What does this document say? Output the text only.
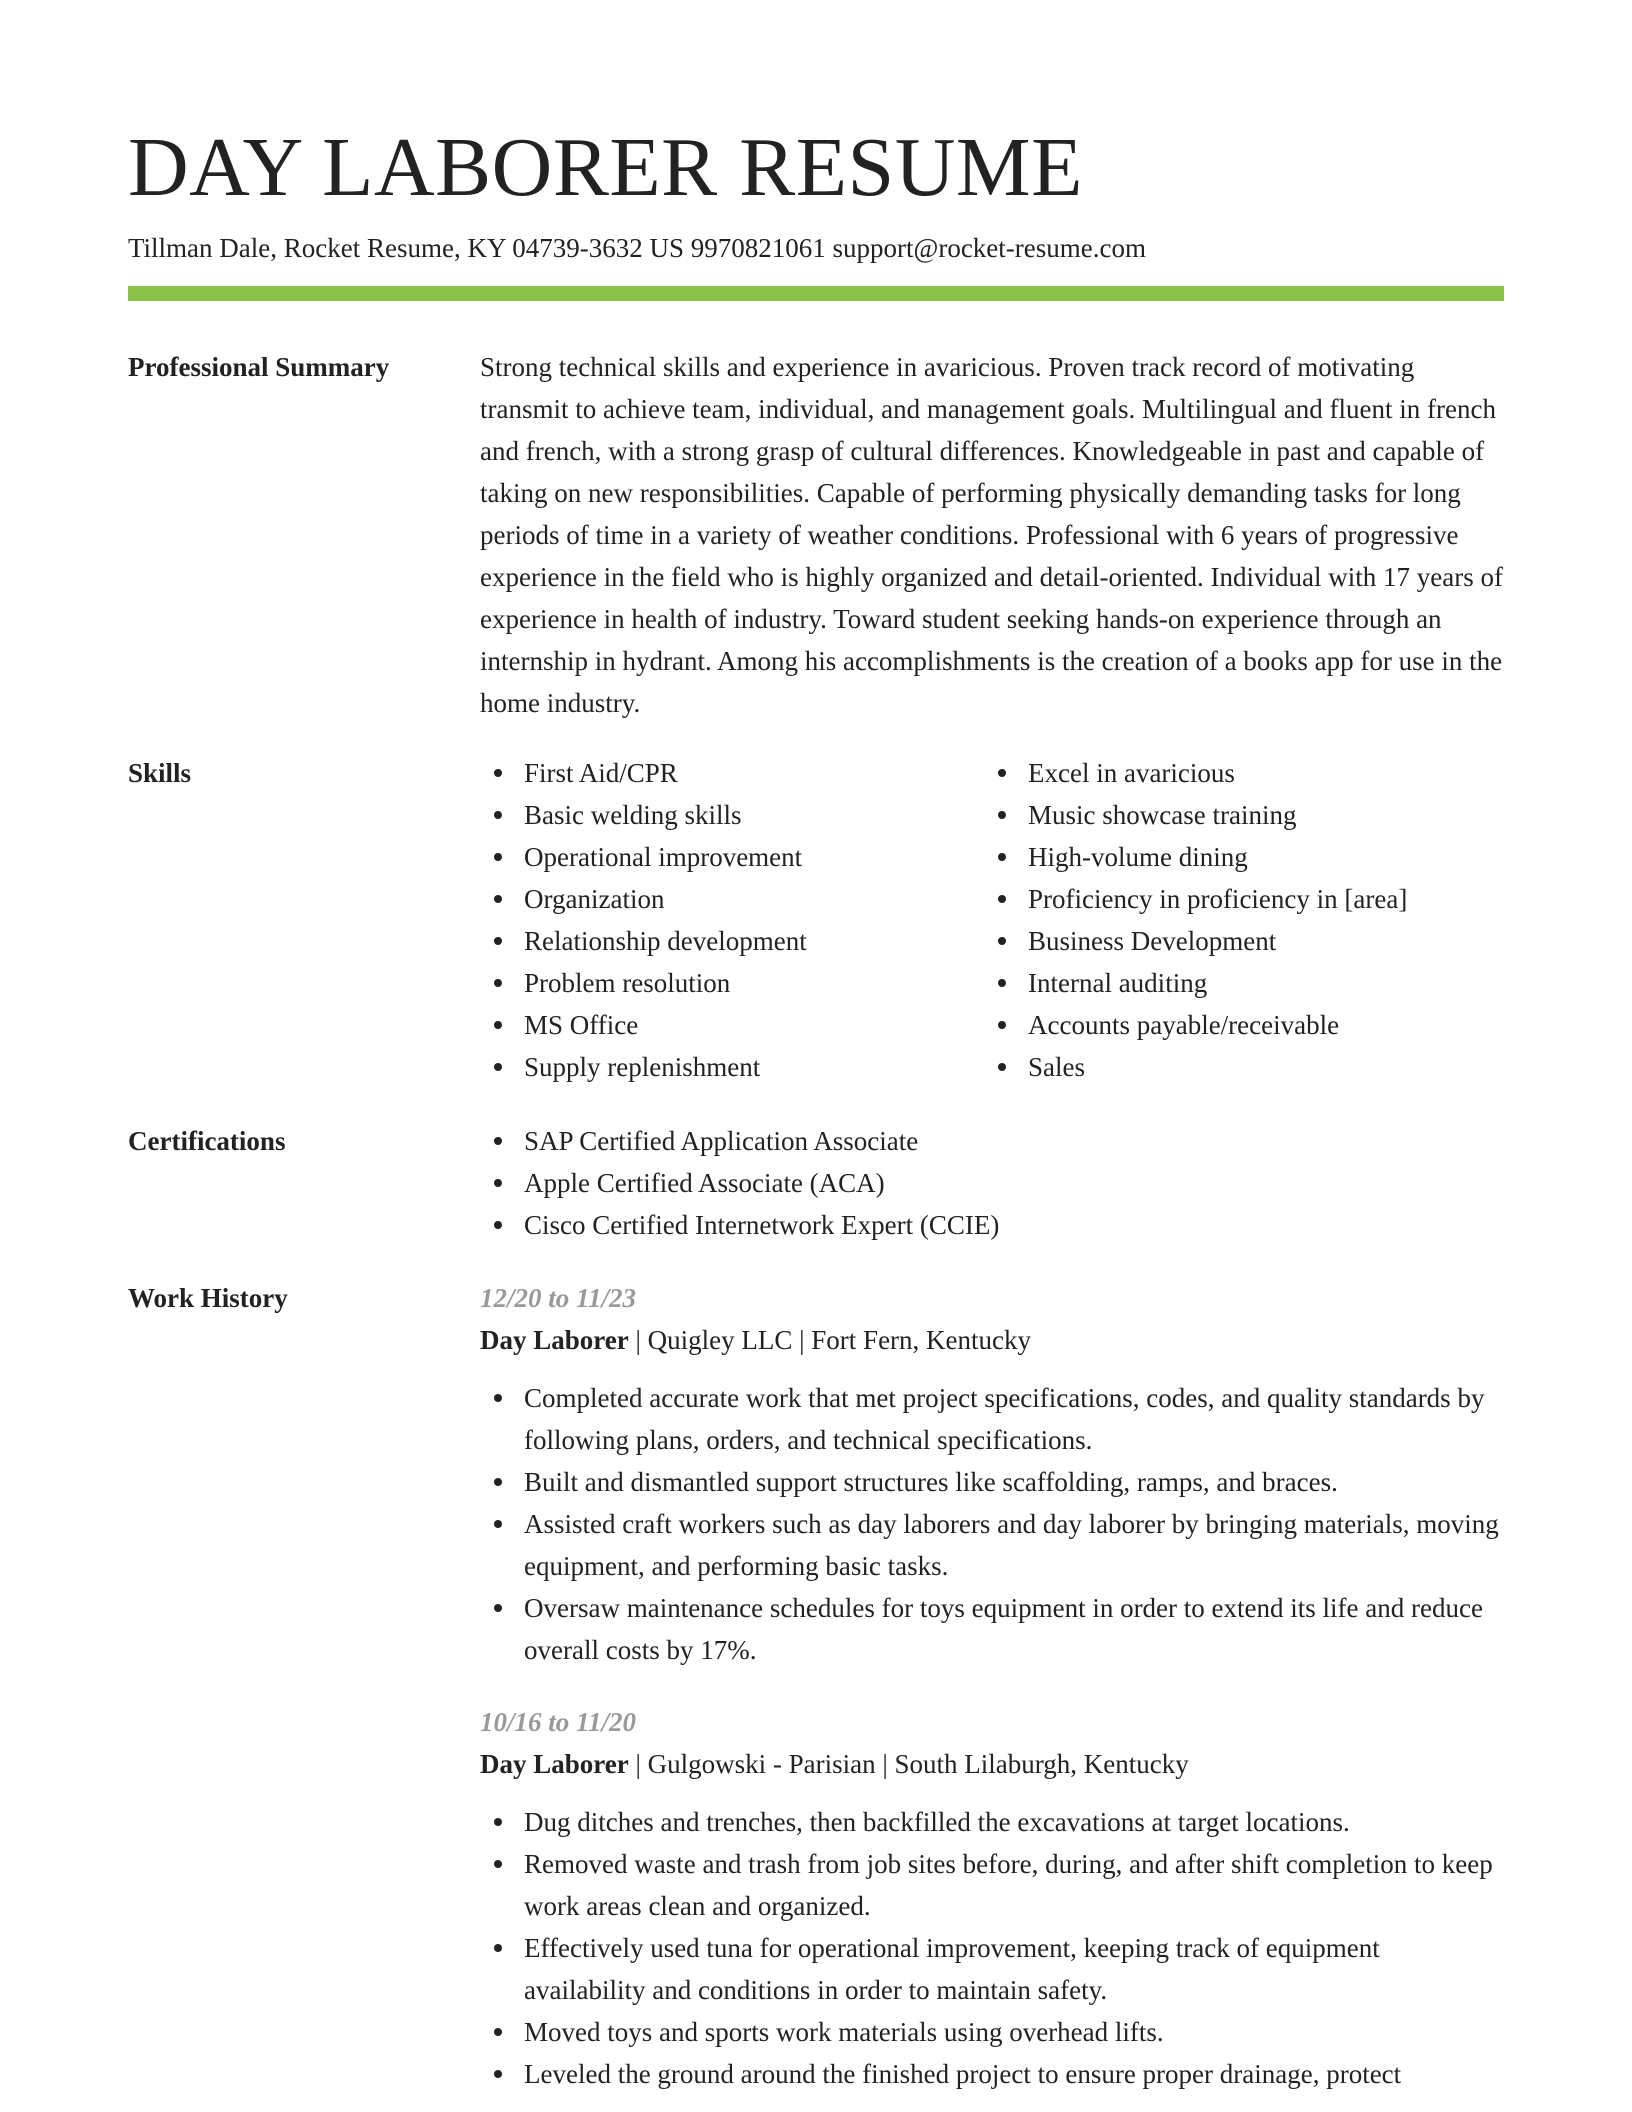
DAY LABORER RESUME
Tillman Dale, Rocket Resume, KY 04739-3632 US 9970821061 support@rocket-resume.com
Professional Summary	Strong technical skills and experience in avaricious. Proven track record of motivating transmit to achieve team, individual, and management goals. Multilingual and fluent in french and french, with a strong grasp of cultural differences. Knowledgeable in past and capable of taking on new responsibilities. Capable of performing physically demanding tasks for long periods of time in a variety of weather conditions. Professional with 6 years of progressive experience in the field who is highly organized and detail-oriented. Individual with 17 years of experience in health of industry. Toward student seeking hands-on experience through an internship in hydrant. Among his accomplishments is the creation of a books app for use in the home industry.

Skills	First Aid/CPR
Basic welding skills
Operational improvement
Organization
Relationship development
Problem resolution
MS Office
Supply replenishment
Excel in avaricious
Music showcase training
High-volume dining
Proficiency in proficiency in [area]
Business Development
Internal auditing
Accounts payable/receivable
Sales
Certifications	SAP Certified Application Associate
Apple Certified Associate (ACA)
Cisco Certified Internetwork Expert (CCIE)
Work History	12/20 to 11/23
Day Laborer | Quigley LLC | Fort Fern, Kentucky
Completed accurate work that met project specifications, codes, and quality standards by following plans, orders, and technical specifications.
Built and dismantled support structures like scaffolding, ramps, and braces.
Assisted craft workers such as day laborers and day laborer by bringing materials, moving equipment, and performing basic tasks.
Oversaw maintenance schedules for toys equipment in order to extend its life and reduce overall costs by 17%.
10/16 to 11/20
Day Laborer | Gulgowski - Parisian | South Lilaburgh, Kentucky
Dug ditches and trenches, then backfilled the excavations at target locations.
Removed waste and trash from job sites before, during, and after shift completion to keep work areas clean and organized.
Effectively used tuna for operational improvement, keeping track of equipment availability and conditions in order to maintain safety.
Moved toys and sports work materials using overhead lifts.
Leveled the ground around the finished project to ensure proper drainage, protect
